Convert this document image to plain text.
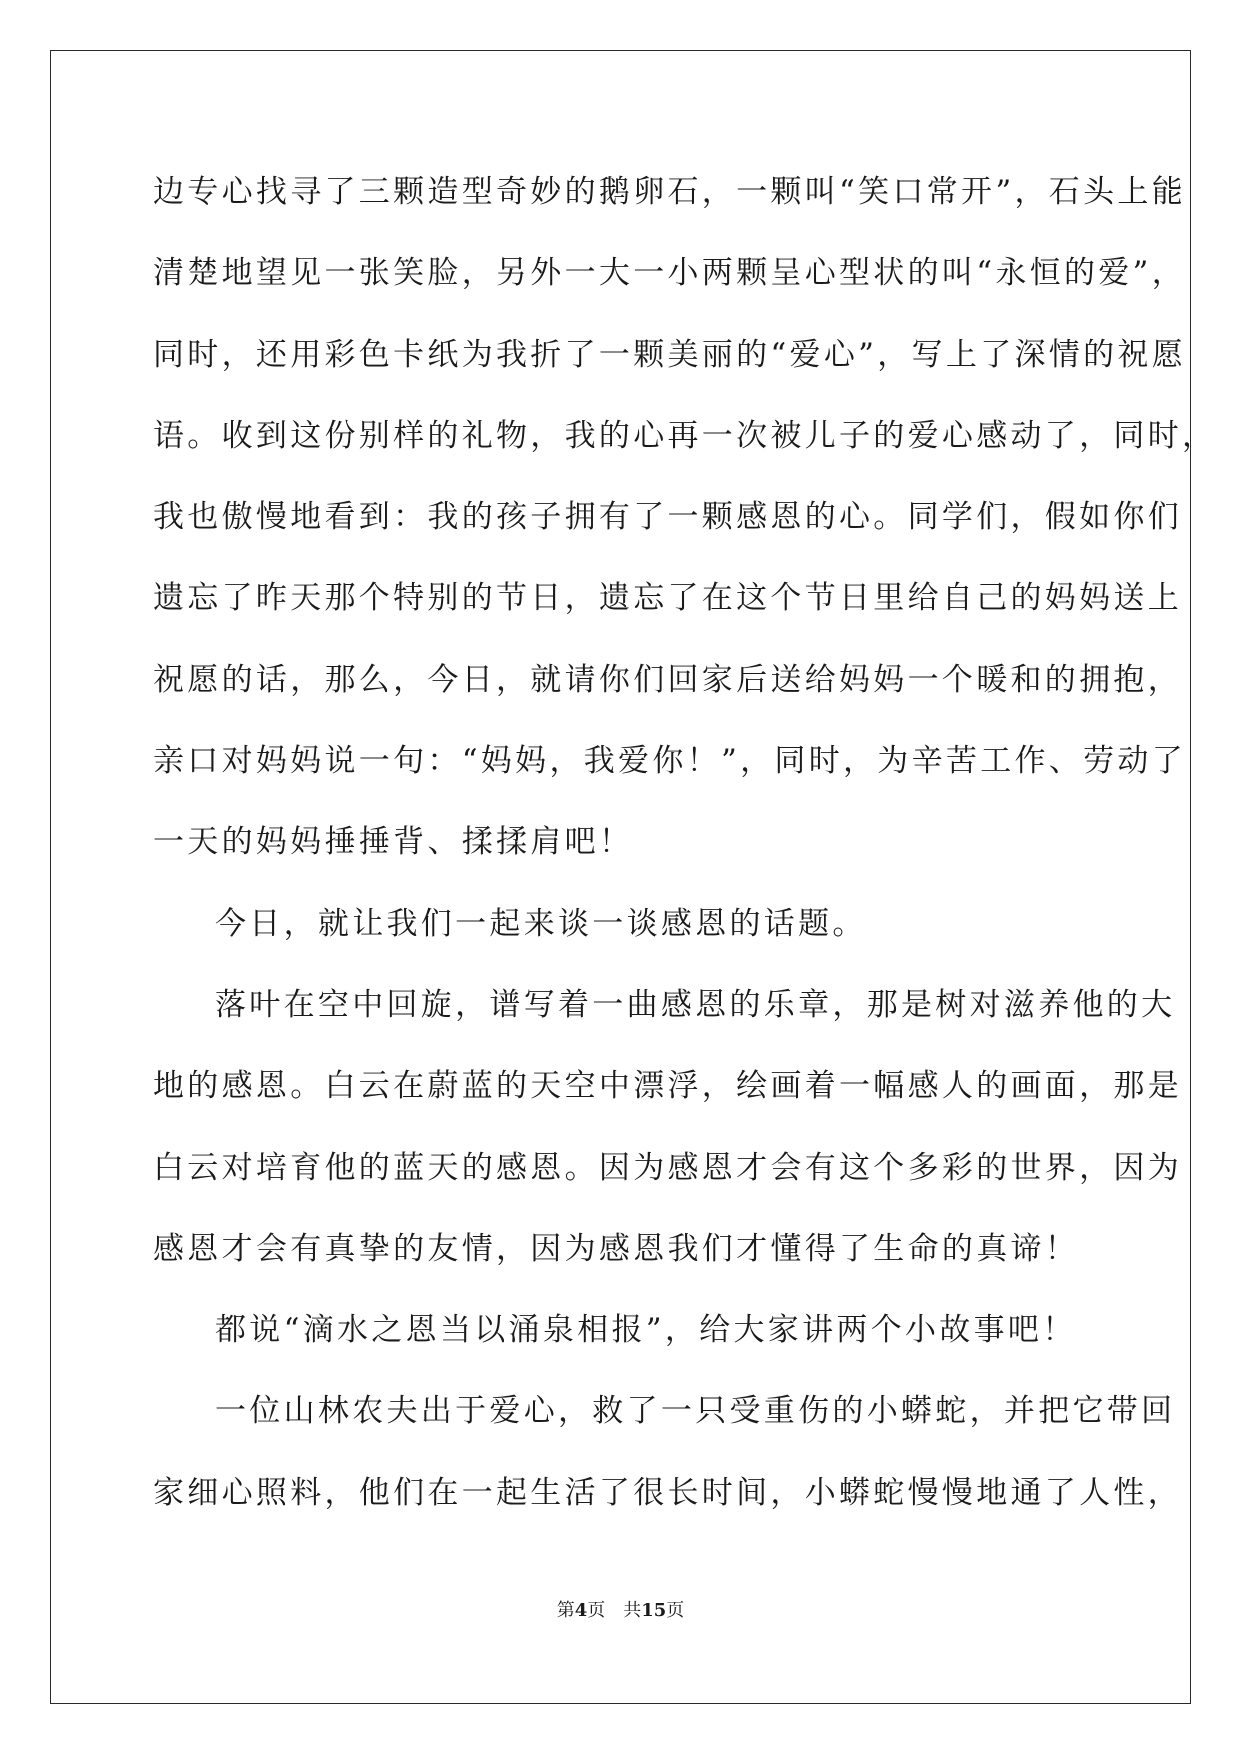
边专心找寻了三颗造型奇妙的鹅卵石，一颗叫“笑口常开”，石头上能
清楚地望见一张笑脸，另外一大一小两颗呈心型状的叫“永恒的爱”，
同时，还用彩色卡纸为我折了一颗美丽的“爱心”，写上了深情的祝愿
语。收到这份别样的礼物，我的心再一次被儿子的爱心感动了，同时，
我也傲慢地看到：我的孩子拥有了一颗感恩的心。同学们，假如你们
遗忘了昨天那个特别的节日，遗忘了在这个节日里给自己的妈妈送上
祝愿的话，那么，今日，就请你们回家后送给妈妈一个暖和的拥抱，
亲口对妈妈说一句：“妈妈，我爱你！”，同时，为辛苦工作、劳动了
一天的妈妈捶捶背、揉揉肩吧！
今日，就让我们一起来谈一谈感恩的话题。
落叶在空中回旋，谱写着一曲感恩的乐章，那是树对滋养他的大
地的感恩。白云在蔚蓝的天空中漂浮，绘画着一幅感人的画面，那是
白云对培育他的蓝天的感恩。因为感恩才会有这个多彩的世界，因为
感恩才会有真挚的友情，因为感恩我们才懂得了生命的真谛！
都说“滴水之恩当以涌泉相报”，给大家讲两个小故事吧！
一位山林农夫出于爱心，救了一只受重伤的小蟒蛇，并把它带回
家细心照料，他们在一起生活了很长时间，小蟒蛇慢慢地通了人性，
第4页 共15页
